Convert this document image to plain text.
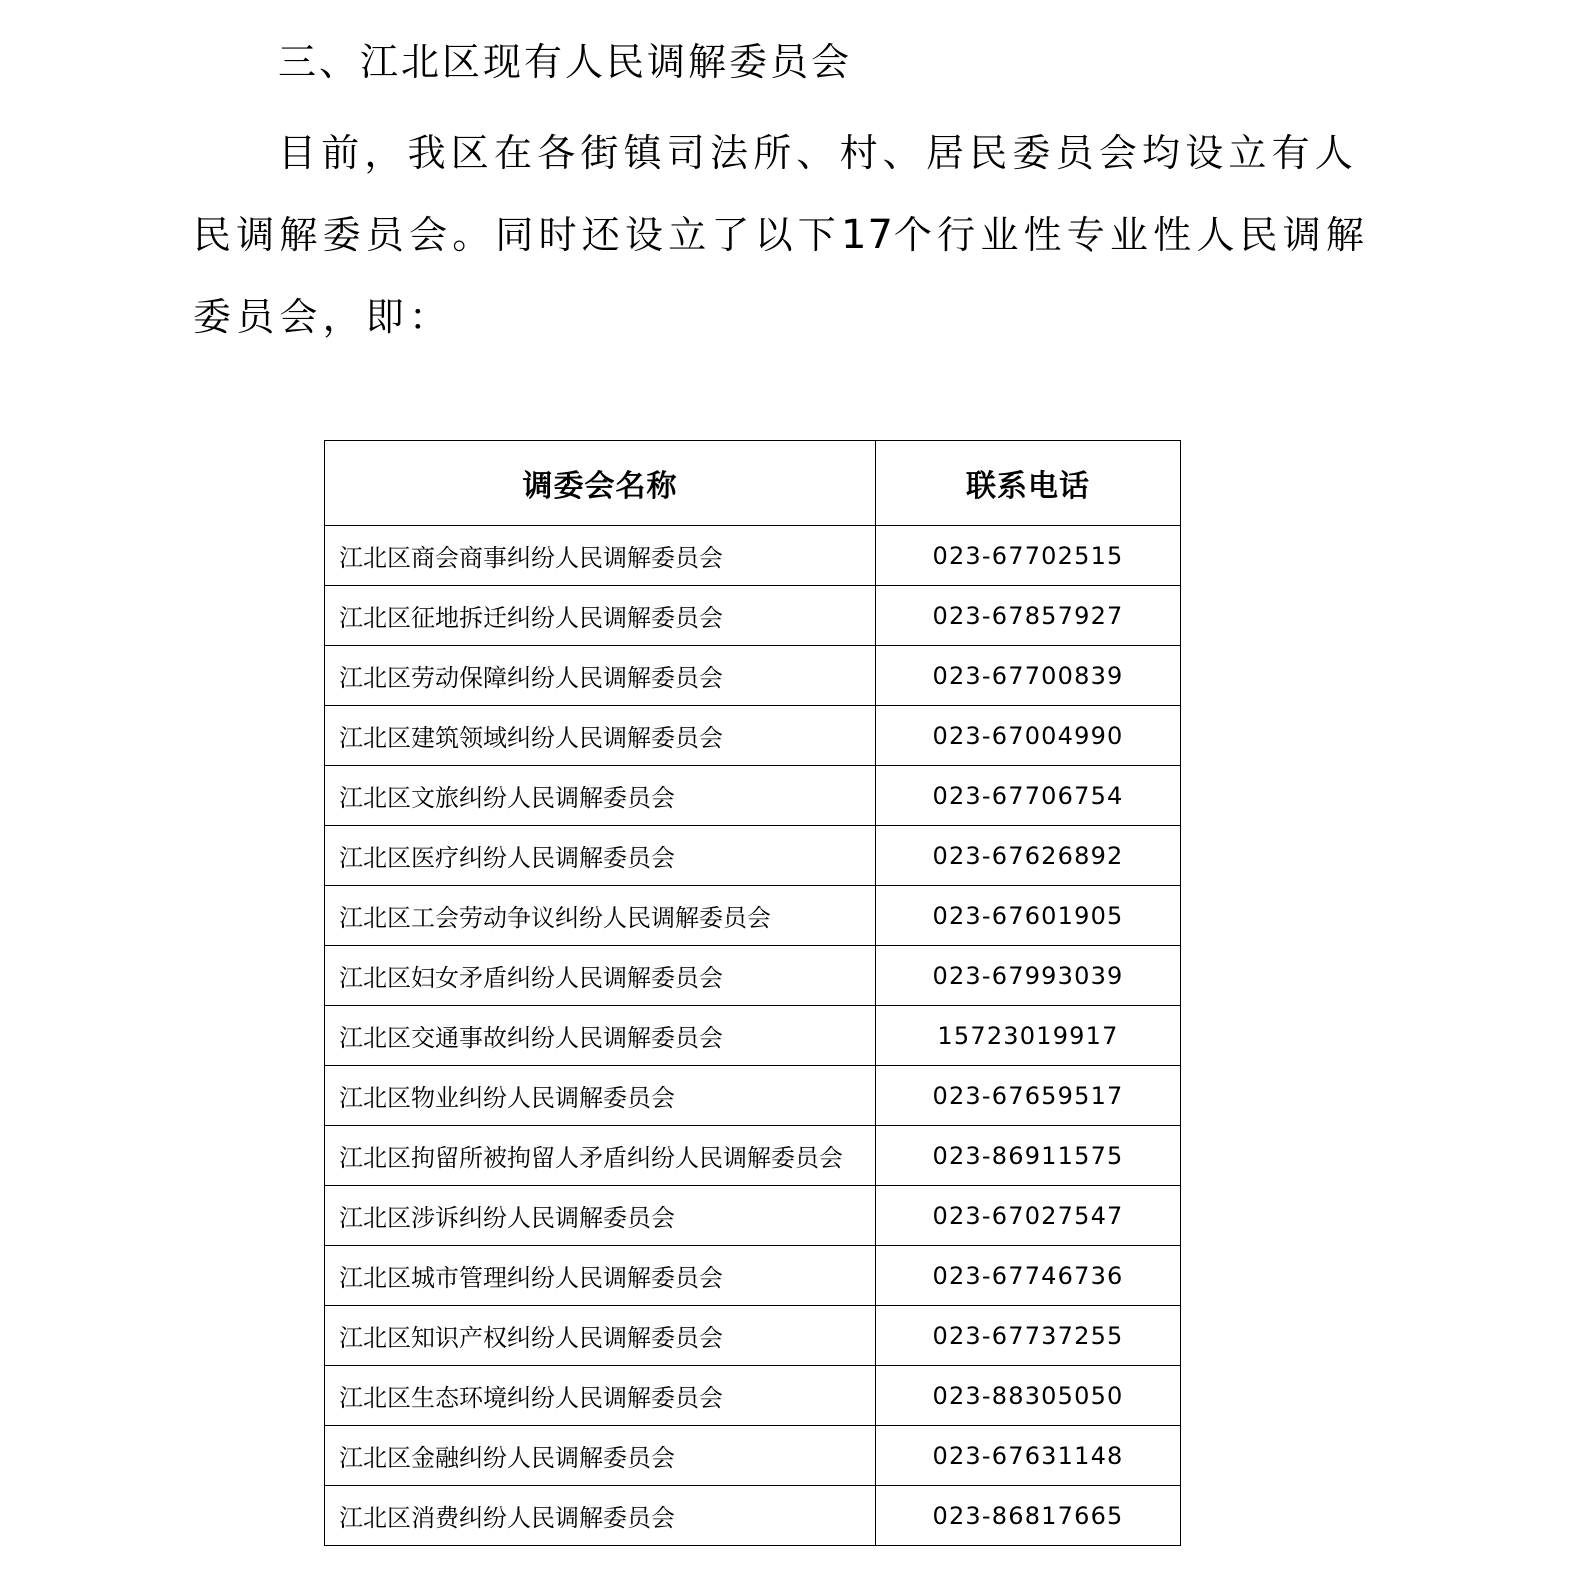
三、江北区现有人民调解委员会

目前，我区在各街镇司法所、村、居民委员会均设立有人民调解委员会。同时还设立了以下17个行业性专业性人民调解委员会，即：

调委会名称	联系电话
江北区商会商事纠纷人民调解委员会	023-67702515
江北区征地拆迁纠纷人民调解委员会	023-67857927
江北区劳动保障纠纷人民调解委员会	023-67700839
江北区建筑领域纠纷人民调解委员会	023-67004990
江北区文旅纠纷人民调解委员会	023-67706754
江北区医疗纠纷人民调解委员会	023-67626892
江北区工会劳动争议纠纷人民调解委员会	023-67601905
江北区妇女矛盾纠纷人民调解委员会	023-67993039
江北区交通事故纠纷人民调解委员会	15723019917
江北区物业纠纷人民调解委员会	023-67659517
江北区拘留所被拘留人矛盾纠纷人民调解委员会	023-86911575
江北区涉诉纠纷人民调解委员会	023-67027547
江北区城市管理纠纷人民调解委员会	023-67746736
江北区知识产权纠纷人民调解委员会	023-67737255
江北区生态环境纠纷人民调解委员会	023-88305050
江北区金融纠纷人民调解委员会	023-67631148
江北区消费纠纷人民调解委员会	023-86817665
